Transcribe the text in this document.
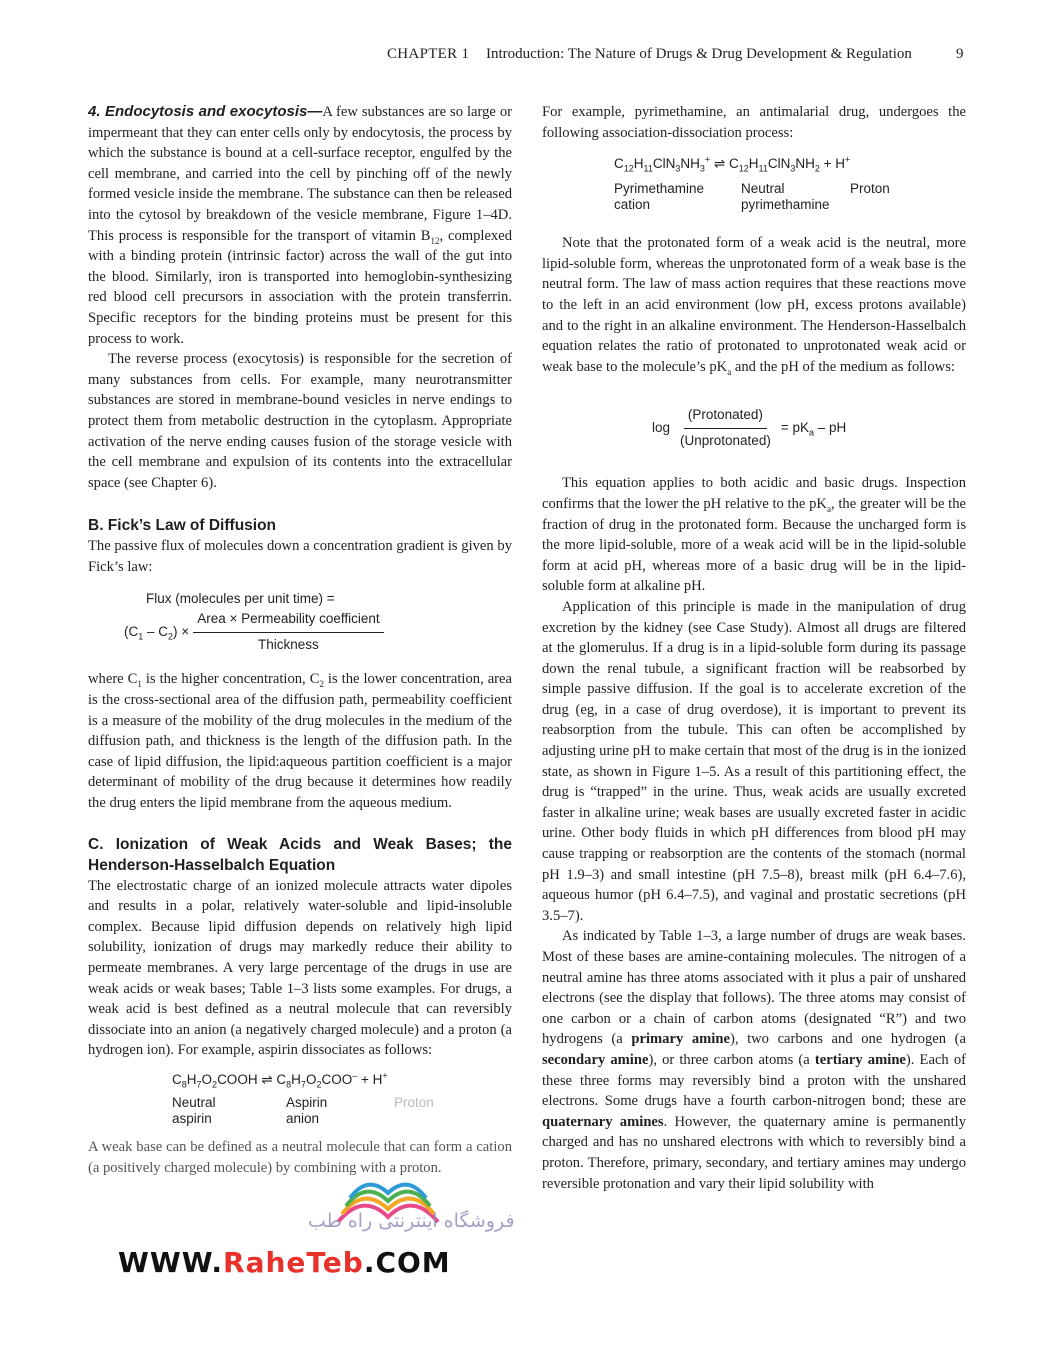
CHAPTER 1 Introduction: The Nature of Drugs & Drug Development & Regulation	9

4. Endocytosis and exocytosis—A few substances are so large or impermeant that they can enter cells only by endocytosis, the process by which the substance is bound at a cell-surface receptor, engulfed by the cell membrane, and carried into the cell by pinching off of the newly formed vesicle inside the membrane. The substance can then be released into the cytosol by breakdown of the vesicle membrane, Figure 1–4D. This process is responsible for the transport of vitamin $B_{12}$, complexed with a binding protein (intrinsic factor) across the wall of the gut into the blood. Similarly, iron is transported into hemoglobin-synthesizing red blood cell precursors in association with the protein transferrin. Specific receptors for the binding proteins must be present for this process to work.

The reverse process (exocytosis) is responsible for the secretion of many substances from cells. For example, many neurotransmitter substances are stored in membrane-bound vesicles in nerve endings to protect them from metabolic destruction in the cytoplasm. Appropriate activation of the nerve ending causes fusion of the storage vesicle with the cell membrane and expulsion of its contents into the extracellular space (see Chapter 6).

B. Fick’s Law of Diffusion

The passive flux of molecules down a concentration gradient is given by Fick’s law:

Flux (molecules per unit time) =
$(C_1 - C_2) \times \frac{\text{Area × Permeability coefficient}}{\text{Thickness}}$

where $C_1$ is the higher concentration, $C_2$ is the lower concentration, area is the cross-sectional area of the diffusion path, permeability coefficient is a measure of the mobility of the drug molecules in the medium of the diffusion path, and thickness is the length of the diffusion path. In the case of lipid diffusion, the lipid:aqueous partition coefficient is a major determinant of mobility of the drug because it determines how readily the drug enters the lipid membrane from the aqueous medium.

C. Ionization of Weak Acids and Weak Bases; the Henderson-Hasselbalch Equation

The electrostatic charge of an ionized molecule attracts water dipoles and results in a polar, relatively water-soluble and lipid-insoluble complex. Because lipid diffusion depends on relatively high lipid solubility, ionization of drugs may markedly reduce their ability to permeate membranes. A very large percentage of the drugs in use are weak acids or weak bases; Table 1–3 lists some examples. For drugs, a weak acid is best defined as a neutral molecule that can reversibly dissociate into an anion (a negatively charged molecule) and a proton (a hydrogen ion). For example, aspirin dissociates as follows:

$C_8H_7O_2COOH$ ⇌ $C_8H_7O_2COO^- + H^+$
Neutral
aspirin
Aspirin
anion
Proton

A weak base can be defined as a neutral molecule that can form a cation (a positively charged molecule) by combining with a proton.

For example, pyrimethamine, an antimalarial drug, undergoes the following association-dissociation process:

$C_{12}H_{11}ClN_3NH_3^+$ ⇌ $C_{12}H_{11}ClN_3NH_2 + H^+$
Pyrimethamine
cation
Neutral
pyrimethamine
Proton

Note that the protonated form of a weak acid is the neutral, more lipid-soluble form, whereas the unprotonated form of a weak base is the neutral form. The law of mass action requires that these reactions move to the left in an acid environment (low pH, excess protons available) and to the right in an alkaline environment. The Henderson-Hasselbalch equation relates the ratio of protonated to unprotonated weak acid or weak base to the molecule’s $pK_a$ and the pH of the medium as follows:

$\log \frac{\text{(Protonated)}}{\text{(Unprotonated)}} = pK_a$ – pH

This equation applies to both acidic and basic drugs. Inspection confirms that the lower the pH relative to the $pK_a$, the greater will be the fraction of drug in the protonated form. Because the uncharged form is the more lipid-soluble, more of a weak acid will be in the lipid-soluble form at acid pH, whereas more of a basic drug will be in the lipid-soluble form at alkaline pH.

Application of this principle is made in the manipulation of drug excretion by the kidney (see Case Study). Almost all drugs are filtered at the glomerulus. If a drug is in a lipid-soluble form during its passage down the renal tubule, a significant fraction will be reabsorbed by simple passive diffusion. If the goal is to accelerate excretion of the drug (eg, in a case of drug overdose), it is important to prevent its reabsorption from the tubule. This can often be accomplished by adjusting urine pH to make certain that most of the drug is in the ionized state, as shown in Figure 1–5. As a result of this partitioning effect, the drug is “trapped” in the urine. Thus, weak acids are usually excreted faster in alkaline urine; weak bases are usually excreted faster in acidic urine. Other body fluids in which pH differences from blood pH may cause trapping or reabsorption are the contents of the stomach (normal pH 1.9–3) and small intestine (pH 7.5–8), breast milk (pH 6.4–7.6), aqueous humor (pH 6.4–7.5), and vaginal and prostatic secretions (pH 3.5–7).

As indicated by Table 1–3, a large number of drugs are weak bases. Most of these bases are amine-containing molecules. The nitrogen of a neutral amine has three atoms associated with it plus a pair of unshared electrons (see the display that follows). The three atoms may consist of one carbon or a chain of carbon atoms (designated “R”) and two hydrogens (a primary amine), two carbons and one hydrogen (a secondary amine), or three carbon atoms (a tertiary amine). Each of these three forms may reversibly bind a proton with the unshared electrons. Some drugs have a fourth carbon-nitrogen bond; these are quaternary amines. However, the quaternary amine is permanently charged and has no unshared electrons with which to reversibly bind a proton. Therefore, primary, secondary, and tertiary amines may undergo reversible protonation and vary their lipid solubility with

فروشگاه اینترنتی راه طب
WWW.RaheTeb.COM
